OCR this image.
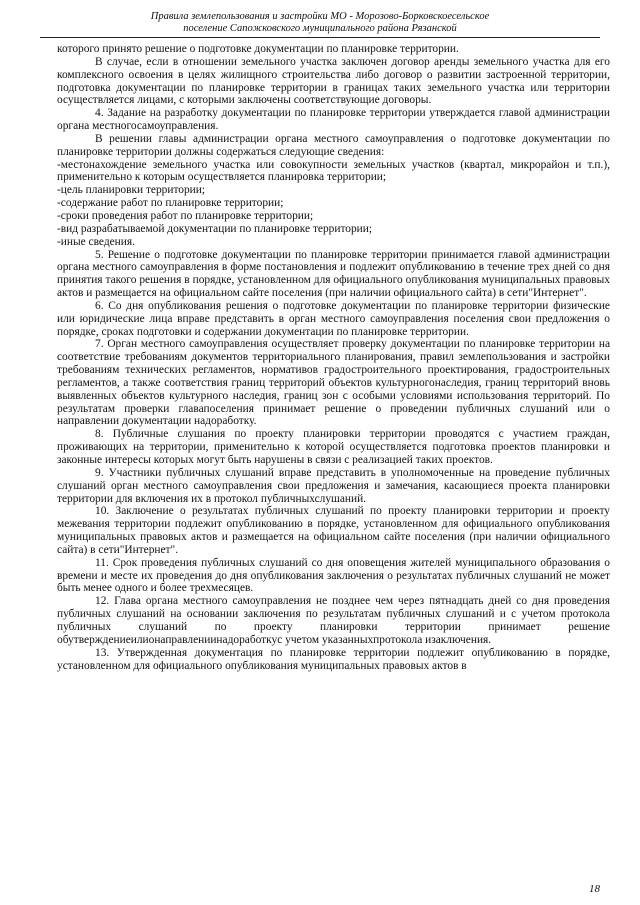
Правила землепользования и застройки МО - Морозово-Борковскоесельское
поселение Сапожковского муниципального района Рязанской

которого принято решение о подготовке документации по планировке территории.

В случае, если в отношении земельного участка заключен договор аренды земельного участка для его комплексного освоения в целях жилищного строительства либо договор о развитии застроенной территории, подготовка документации по планировке территории в границах таких земельного участка или территории осуществляется лицами, с которыми заключены соответствующие договоры.

4. Задание на разработку документации по планировке территории утверждается главой администрации органа местногосамоуправления.

В решении главы администрации органа местного самоуправления о подготовке документации по планировке территории должны содержаться следующие сведения:

-местонахождение земельного участка или совокупности земельных участков (квартал, микрорайон и т.п.), применительно к которым осуществляется планировка территории;

-цель планировки территории;

-содержание работ по планировке территории;

-сроки проведения работ по планировке территории;

-вид разрабатываемой документации по планировке территории;

-иные сведения.

5. Решение о подготовке документации по планировке территории принимается главой администрации органа местного самоуправления в форме постановления и подлежит опубликованию в течение трех дней со дня принятия такого решения в порядке, установленном для официального опубликования муниципальных правовых актов и размещается на официальном сайте поселения (при наличии официального сайта) в сети"Интернет".

6. Со дня опубликования решения о подготовке документации по планировке территории физические или юридические лица вправе представить в орган местного самоуправления поселения свои предложения о порядке, сроках подготовки и содержании документации по планировке территории.

7. Орган местного самоуправления осуществляет проверку документации по планировке территории на соответствие требованиям документов территориального планирования, правил землепользования и застройки требованиям технических регламентов, нормативов градостроительного проектирования, градостроительных регламентов, а также соответствия границ территорий объектов культурногонаследия, границ территорий вновь выявленных объектов культурного наследия, границ зон с особыми условиями использования территорий. По результатам проверки главапоселения принимает решение о проведении публичных слушаний или о направлении документации надоработку.

8. Публичные слушания по проекту планировки территории проводятся с участием граждан, проживающих на территории, применительно к которой осуществляется подготовка проектов планировки и законные интересы которых могут быть нарушены в связи с реализацией таких проектов.

9. Участники публичных слушаний вправе представить в уполномоченные на проведение публичных слушаний орган местного самоуправления свои предложения и замечания, касающиеся проекта планировки территории для включения их в протокол публичныхслушаний.

10. Заключение о результатах публичных слушаний по проекту планировки территории и проекту межевания территории подлежит опубликованию в порядке, установленном для официального опубликования муниципальных правовых актов и размещается на официальном сайте поселения (при наличии официального сайта) в сети"Интернет".

11. Срок проведения публичных слушаний со дня оповещения жителей муниципального образования о времени и месте их проведения до дня опубликования заключения о результатах публичных слушаний не может быть менее одного и более трехмесяцев.

12. Глава органа местного самоуправления не позднее чем через пятнадцать дней со дня проведения публичных слушаний на основании заключения по результатам публичных слушаний и с учетом протокола публичных слушаний по проекту планировки территории принимает решение обутверждениеилионаправлениинадоработкус учетом указанныхпротокола изаключения.

13. Утвержденная документация по планировке территории подлежит опубликованию в порядке, установленном для официального опубликования муниципальных правовых актов в

18
